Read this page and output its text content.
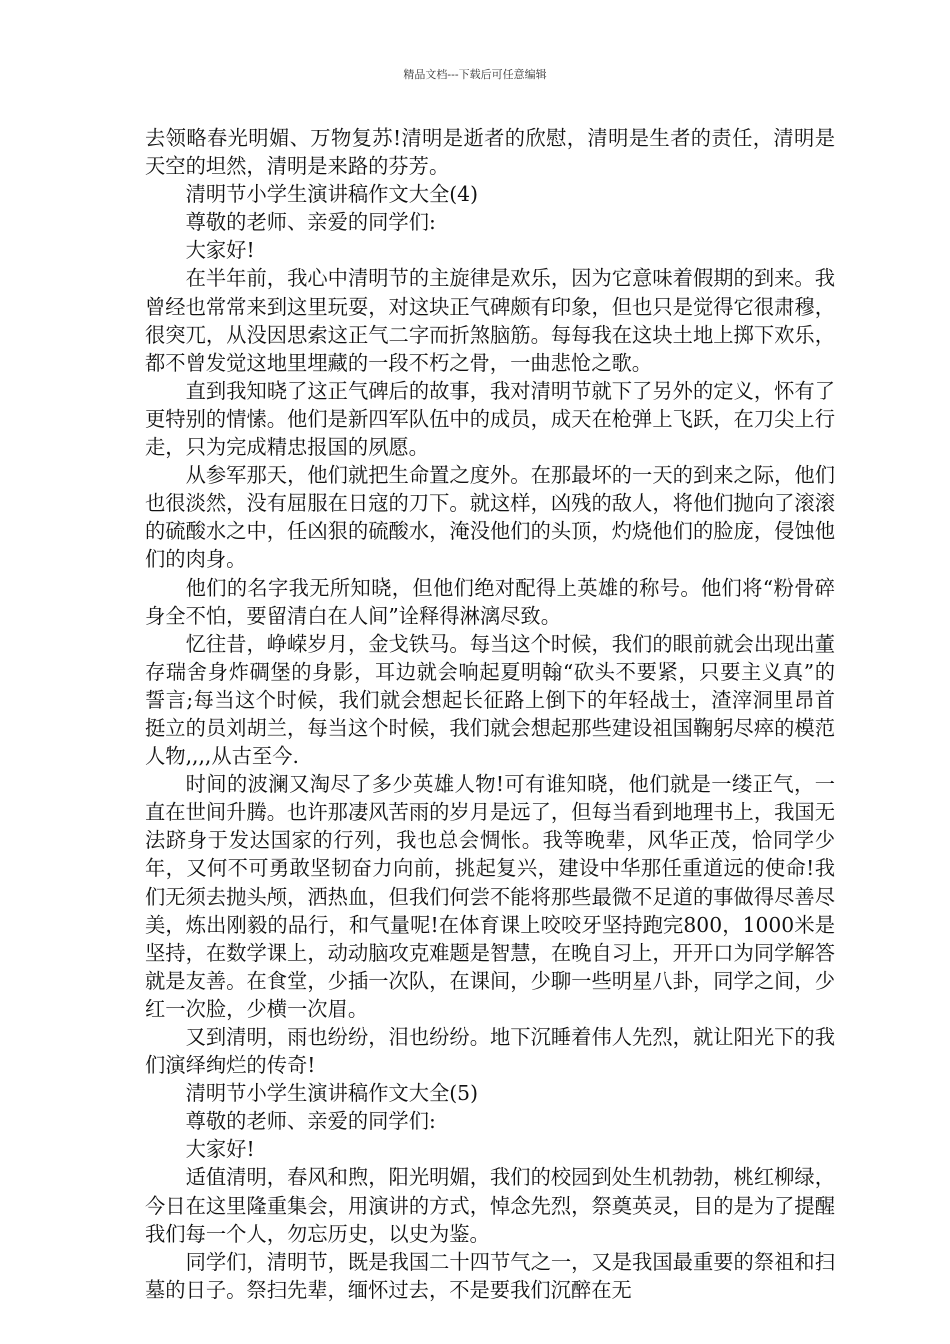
精品文档---下载后可任意编辑

去领略春光明媚、万物复苏!清明是逝者的欣慰，清明是生者的责任，清明是天空的坦然，清明是来路的芬芳。

清明节小学生演讲稿作文大全(4)

尊敬的老师、亲爱的同学们:

大家好!

在半年前，我心中清明节的主旋律是欢乐，因为它意味着假期的到来。我曾经也常常来到这里玩耍，对这块正气碑颇有印象，但也只是觉得它很肃穆，很突兀，从没因思索这正气二字而折煞脑筋。每每我在这块土地上掷下欢乐，都不曾发觉这地里埋藏的一段不朽之骨，一曲悲怆之歌。

直到我知晓了这正气碑后的故事，我对清明节就下了另外的定义，怀有了更特别的情愫。他们是新四军队伍中的成员，成天在枪弹上飞跃，在刀尖上行走，只为完成精忠报国的夙愿。

从参军那天，他们就把生命置之度外。在那最坏的一天的到来之际，他们也很淡然，没有屈服在日寇的刀下。就这样，凶残的敌人，将他们抛向了滚滚的硫酸水之中，任凶狠的硫酸水，淹没他们的头顶，灼烧他们的脸庞，侵蚀他们的肉身。

他们的名字我无所知晓，但他们绝对配得上英雄的称号。他们将“粉骨碎身全不怕，要留清白在人间”诠释得淋漓尽致。

忆往昔，峥嵘岁月，金戈铁马。每当这个时候，我们的眼前就会出现出董存瑞舍身炸碉堡的身影，耳边就会响起夏明翰“砍头不要紧，只要主义真”的誓言;每当这个时候，我们就会想起长征路上倒下的年轻战士，渣滓洞里昂首挺立的员刘胡兰，每当这个时候，我们就会想起那些建设祖国鞠躬尽瘁的模范人物,,,,从古至今.

时间的波澜又淘尽了多少英雄人物!可有谁知晓，他们就是一缕正气，一直在世间升腾。也许那凄风苦雨的岁月是远了，但每当看到地理书上，我国无法跻身于发达国家的行列，我也总会惆怅。我等晚辈，风华正茂，恰同学少年，又何不可勇敢坚韧奋力向前，挑起复兴，建设中华那任重道远的使命!我们无须去抛头颅，洒热血，但我们何尝不能将那些最微不足道的事做得尽善尽美，炼出刚毅的品行，和气量呢!在体育课上咬咬牙坚持跑完800，1000米是坚持，在数学课上，动动脑攻克难题是智慧，在晚自习上，开开口为同学解答就是友善。在食堂，少插一次队，在课间，少聊一些明星八卦，同学之间，少红一次脸，少横一次眉。

又到清明，雨也纷纷，泪也纷纷。地下沉睡着伟人先烈，就让阳光下的我们演绎绚烂的传奇!

清明节小学生演讲稿作文大全(5)

尊敬的老师、亲爱的同学们:

大家好!

适值清明，春风和煦，阳光明媚，我们的校园到处生机勃勃，桃红柳绿，今日在这里隆重集会，用演讲的方式，悼念先烈，祭奠英灵，目的是为了提醒我们每一个人，勿忘历史，以史为鉴。

同学们，清明节，既是我国二十四节气之一，又是我国最重要的祭祖和扫墓的日子。祭扫先辈，缅怀过去，不是要我们沉醉在无
